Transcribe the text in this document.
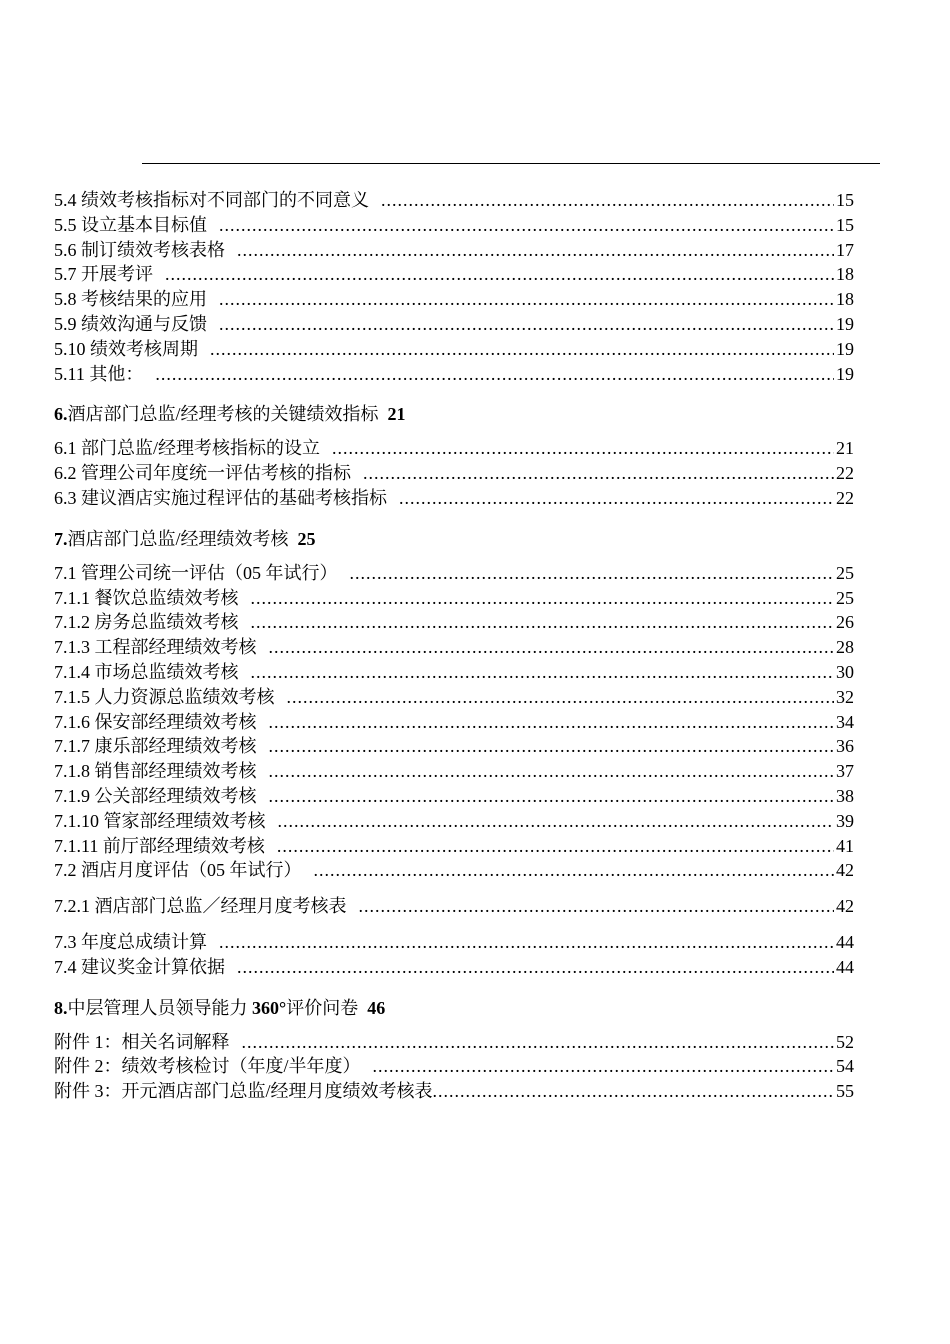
5.4 绩效考核指标对不同部门的不同意义 .....	15
5.5 设立基本目标值 .....	15
5.6 制订绩效考核表格 .....	17
5.7 开展考评 .....	18
5.8 考核结果的应用 .....	18
5.9 绩效沟通与反馈 .....	19
5.10 绩效考核周期 .....	19
5.11 其他： .....	19
6.酒店部门总监/经理考核的关键绩效指标 21
6.1 部门总监/经理考核指标的设立 .....	21
6.2 管理公司年度统一评估考核的指标 .....	22
6.3 建议酒店实施过程评估的基础考核指标 .....	22
7.酒店部门总监/经理绩效考核 25
7.1 管理公司统一评估（05 年试行） .....	25
7.1.1 餐饮总监绩效考核 .....	25
7.1.2 房务总监绩效考核 .....	26
7.1.3 工程部经理绩效考核 .....	28
7.1.4 市场总监绩效考核 .....	30
7.1.5 人力资源总监绩效考核 .....	32
7.1.6 保安部经理绩效考核 .....	34
7.1.7 康乐部经理绩效考核 .....	36
7.1.8 销售部经理绩效考核 .....	37
7.1.9 公关部经理绩效考核 .....	38
7.1.10 管家部经理绩效考核 .....	39
7.1.11 前厅部经理绩效考核 .....	41
7.2 酒店月度评估（05 年试行） .....	42
7.2.1 酒店部门总监／经理月度考核表 .....	42
7.3 年度总成绩计算 .....	44
7.4 建议奖金计算依据 .....	44
8.中层管理人员领导能力 360°评价问卷 46
附件 1：相关名词解释 .....	52
附件 2：绩效考核检讨（年度/半年度） .....	54
附件 3：开元酒店部门总监/经理月度绩效考核表 .....	55
